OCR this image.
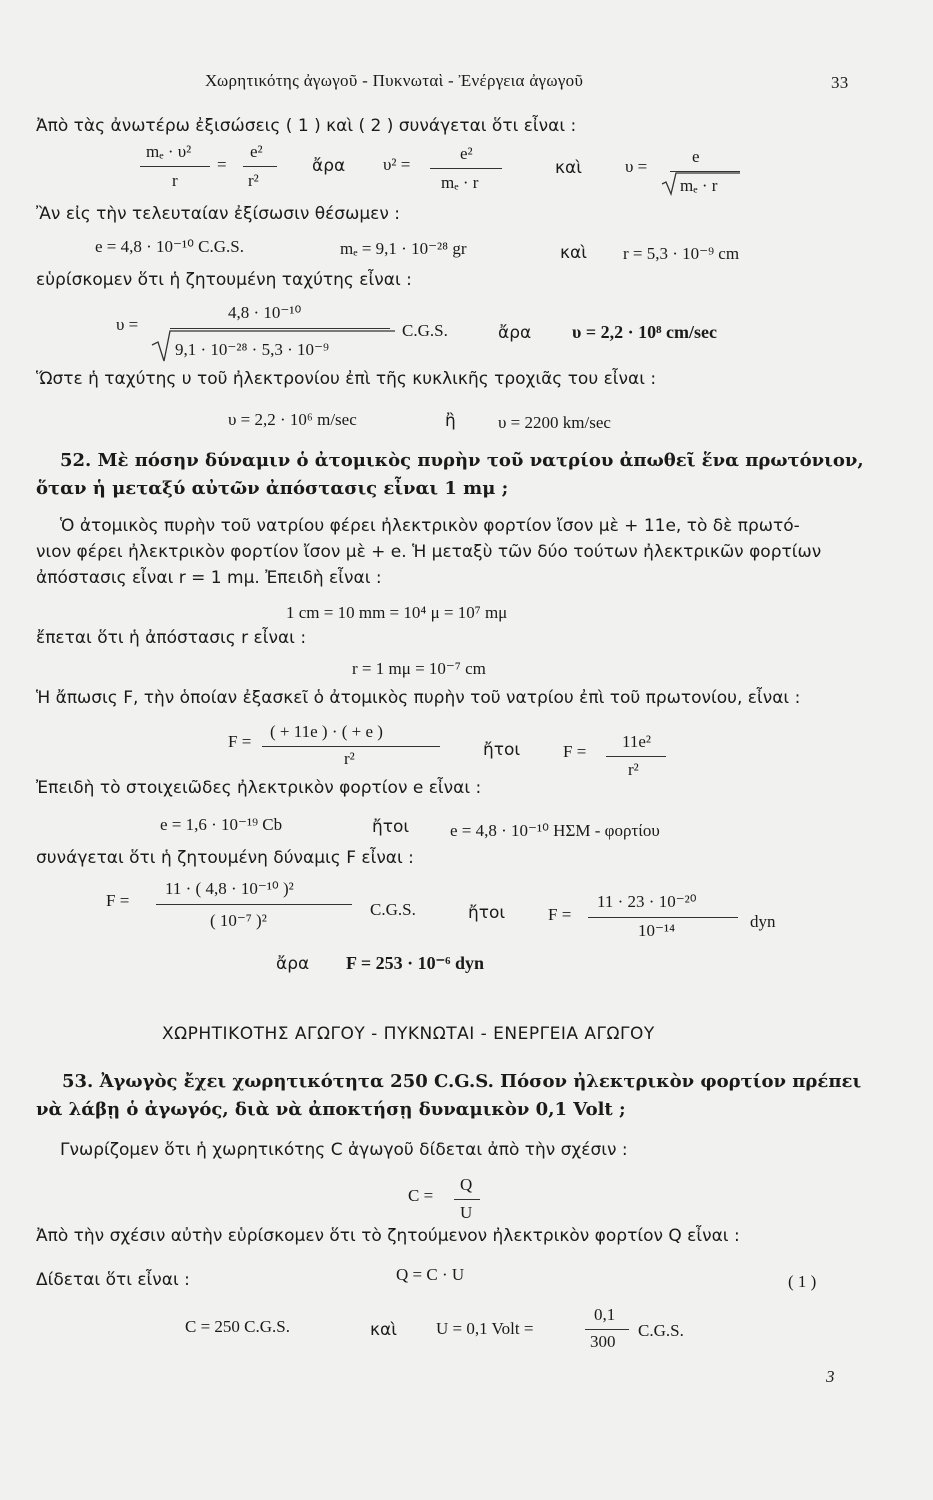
Χωρητικότης ἀγωγοῦ - Πυκνωταὶ - Ἐνέργεια ἀγωγοῦ	33
Ἀπὸ τὰς ἀνωτέρω ἐξισώσεις ( 1 ) καὶ ( 2 ) συνάγεται ὅτι εἶναι :
mₑ · υ²
r
=
e²
r²
ἄρα υ² =
e²
mₑ · r
καὶ	υ =
e
mₑ · r
Ἂν εἰς τὴν τελευταίαν ἐξίσωσιν θέσωμεν :
e = 4,8 · 10⁻¹⁰ C.G.S.	mₑ = 9,1 · 10⁻²⁸ gr	καὶ r = 5,3 · 10⁻⁹ cm
εὑρίσκομεν ὅτι ἡ ζητουμένη ταχύτης εἶναι :
υ =
4,8 · 10⁻¹⁰
9,1 · 10⁻²⁸ · 5,3 · 10⁻⁹
C.G.S.	ἄρα υ = 2,2 · 10⁸ cm/sec
Ὥστε ἡ ταχύτης υ τοῦ ἠλεκτρονίου ἐπὶ τῆς κυκλικῆς τροχιᾶς του εἶναι :
υ = 2,2 · 10⁶ m/sec	ἢ υ = 2200 km/sec
52. Μὲ πόσην δύναμιν ὁ ἀτομικὸς πυρὴν τοῦ νατρίου ἀπωθεῖ ἕνα πρωτόνιον,
ὅταν ἡ μεταξύ αὐτῶν ἀπόστασις εἶναι 1 mμ ;
Ὁ ἀτομικὸς πυρὴν τοῦ νατρίου φέρει ἠλεκτρικὸν φορτίον ἴσον μὲ + 11e, τὸ δὲ πρωτό-
νιον φέρει ἠλεκτρικὸν φορτίον ἴσον μὲ + e. Ἡ μεταξὺ τῶν δύο τούτων ἠλεκτρικῶν φορτίων
ἀπόστασις εἶναι r = 1 mμ. Ἐπειδὴ εἶναι :
1 cm = 10 mm = 10⁴ μ = 10⁷ mμ
ἔπεται ὅτι ἡ ἀπόστασις r εἶναι :
r = 1 mμ = 10⁻⁷ cm
Ἡ ἄπωσις F, τὴν ὁποίαν ἐξασκεῖ ὁ ἀτομικὸς πυρὴν τοῦ νατρίου ἐπὶ τοῦ πρωτονίου, εἶναι :
F =
( + 11e ) · ( + e )
r²	ἤτοι	F =
11e²
r²
Ἐπειδὴ τὸ στοιχειῶδες ἠλεκτρικὸν φορτίον e εἶναι :
e = 1,6 · 10⁻¹⁹ Cb	ἤτοι e = 4,8 · 10⁻¹⁰ ΗΣΜ - φορτίου
συνάγεται ὅτι ἡ ζητουμένη δύναμις F εἶναι :
F =
11 · ( 4,8 · 10⁻¹⁰ )²
( 10⁻⁷ )²
C.G.S.	ἤτοι	F =
11 · 23 · 10⁻²⁰
10⁻¹⁴	dyn
ἄρα F = 253 · 10⁻⁶ dyn
ΧΩΡΗΤΙΚΟΤΗΣ ΑΓΩΓΟΥ - ΠΥΚΝΩΤΑΙ - ΕΝΕΡΓΕΙΑ ΑΓΩΓΟΥ
53. Ἀγωγὸς ἔχει χωρητικότητα 250 C.G.S. Πόσον ἠλεκτρικὸν φορτίον πρέπει
νὰ λάβῃ ὁ ἀγωγός, διὰ νὰ ἀποκτήσῃ δυναμικὸν 0,1 Volt ;
Γνωρίζομεν ὅτι ἡ χωρητικότης C ἀγωγοῦ δίδεται ἀπὸ τὴν σχέσιν :
C =
Q
U
Ἀπὸ τὴν σχέσιν αὐτὴν εὑρίσκομεν ὅτι τὸ ζητούμενον ἠλεκτρικὸν φορτίον Q εἶναι :
Δίδεται ὅτι εἶναι :	Q = C · U	( 1 )
C = 250 C.G.S.	καὶ U = 0,1 Volt =
0,1
300
C.G.S.
3
